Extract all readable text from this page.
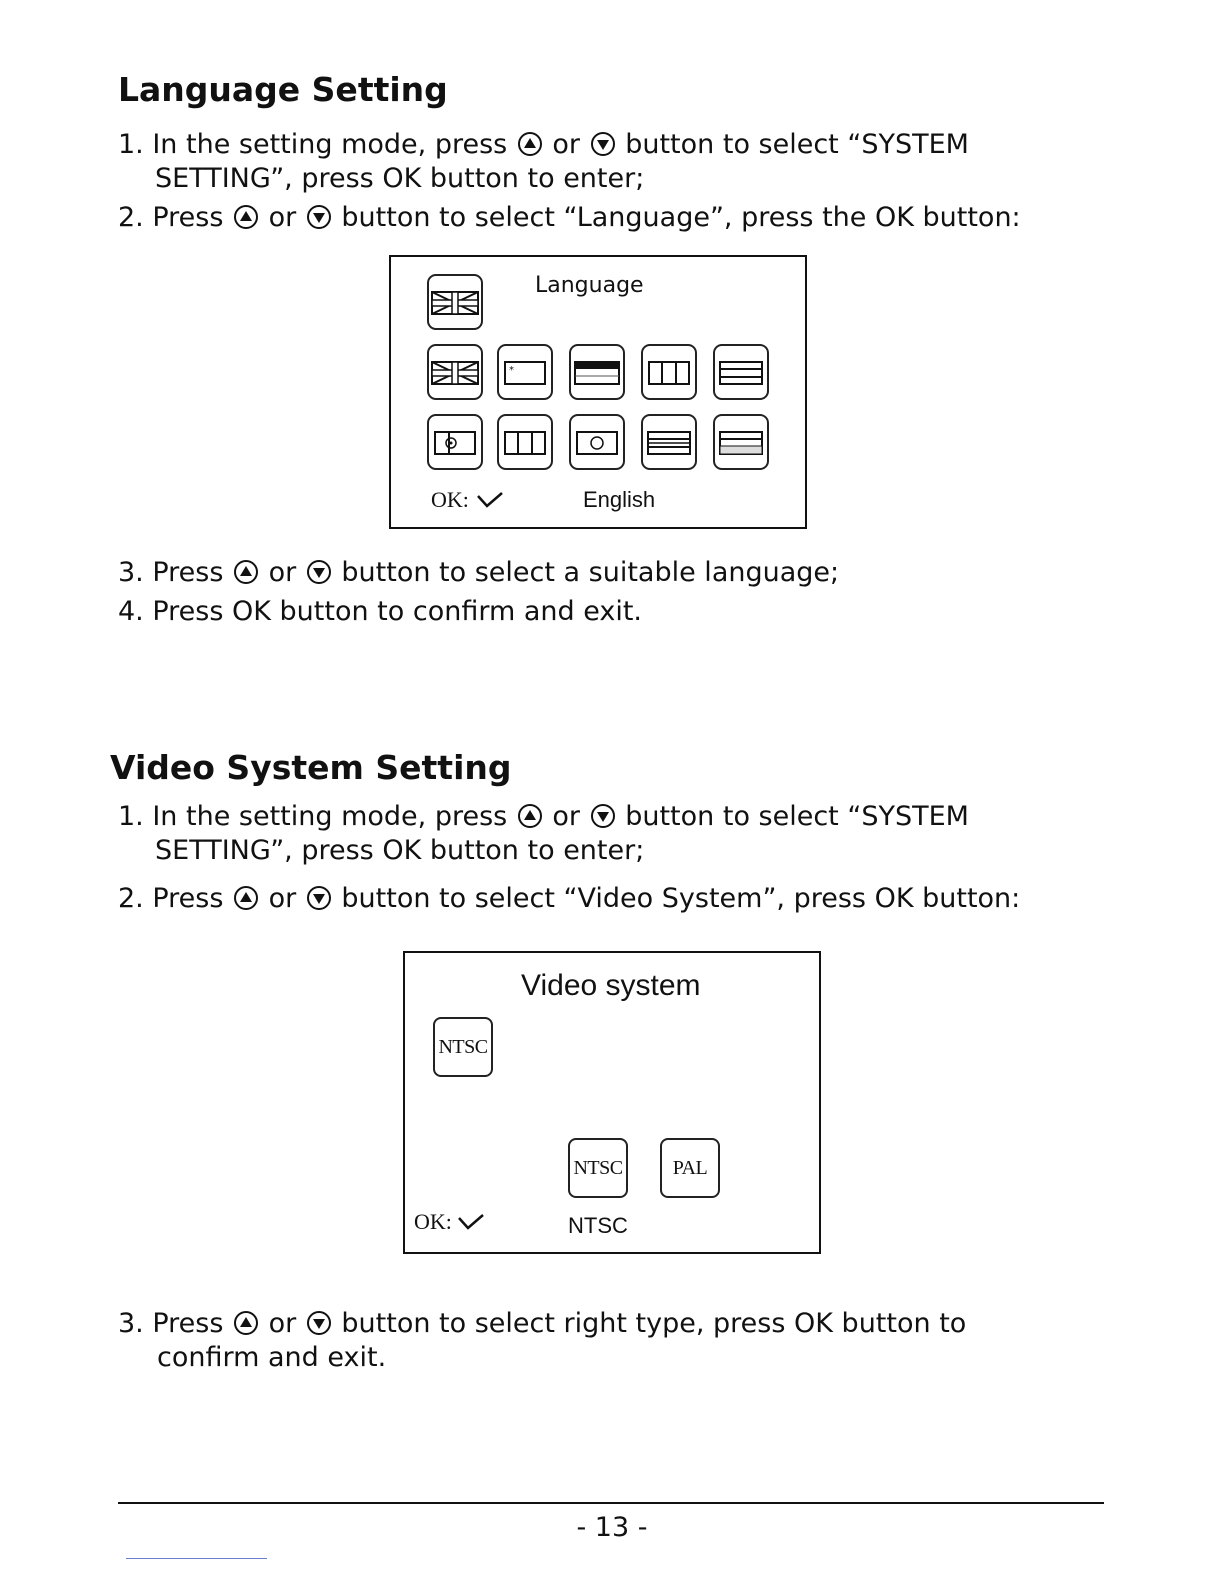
Language Setting
1. In the setting mode, press or button to select “SYSTEM
SETTING”, press OK button to enter;
2. Press or button to select “Language”, press the OK button:
Language
*
OK:	English
3. Press or button to select a suitable language;
4. Press OK button to confirm and exit.
Video System Setting
1. In the setting mode, press or button to select “SYSTEM
SETTING”, press OK button to enter;
2. Press or button to select “Video System”, press OK button:
Video system
NTSC
NTSC	PAL
OK:	NTSC
3. Press or button to select right type, press OK button to
confirm and exit.
- 13 -
